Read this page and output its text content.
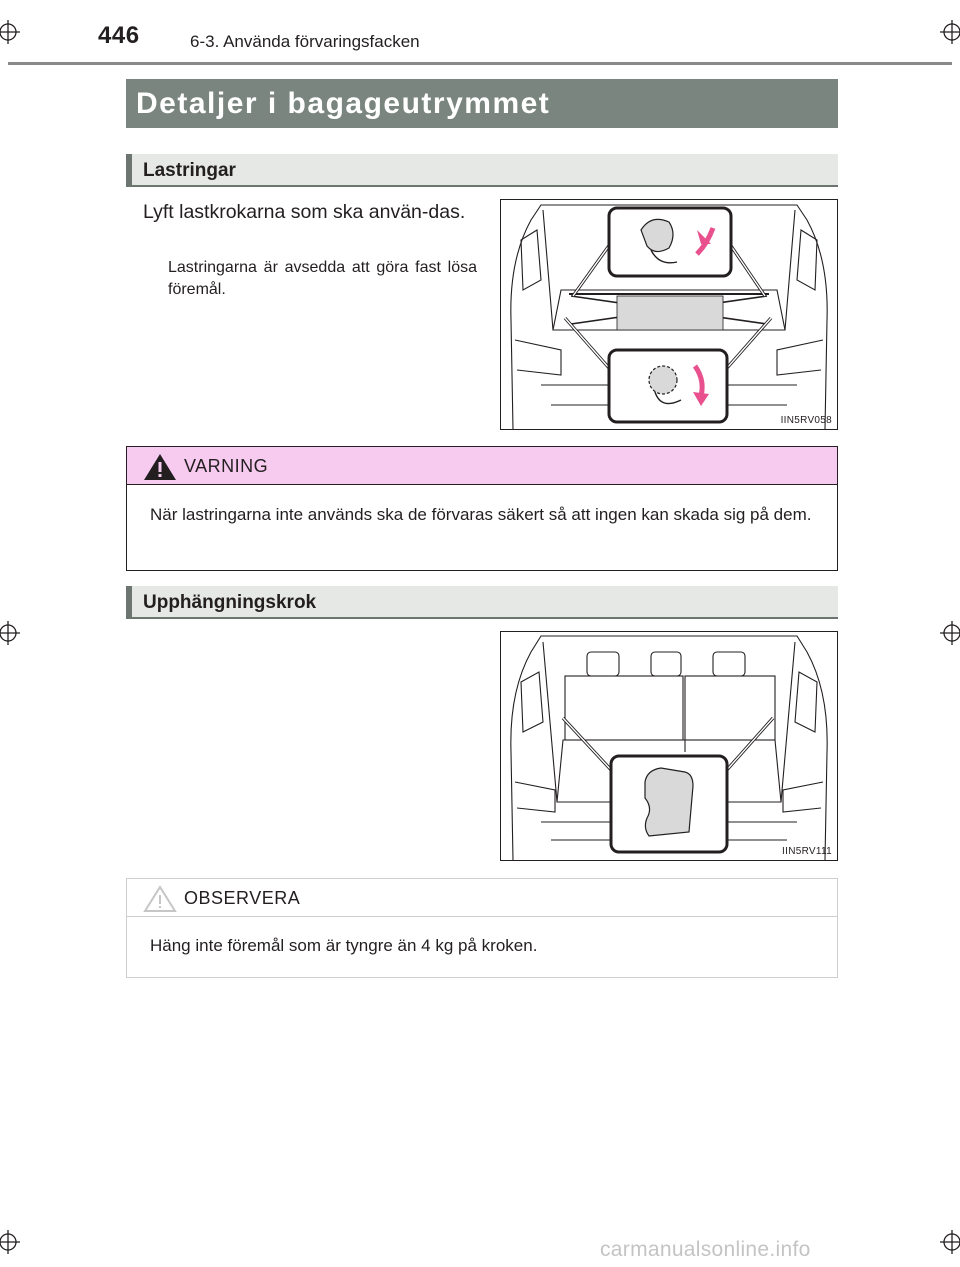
446	6-3. Använda förvaringsfacken
Detaljer i bagageutrymmet
Lastringar
Lyft lastkrokarna som ska använ-das.
Lastringarna är avsedda att göra fast lösa föremål.
IIN5RV058
VARNING
När lastringarna inte används ska de förvaras säkert så att ingen kan skada sig på dem.
Upphängningskrok
IIN5RV111
OBSERVERA
Häng inte föremål som är tyngre än 4 kg på kroken.
carmanualsonline.info
